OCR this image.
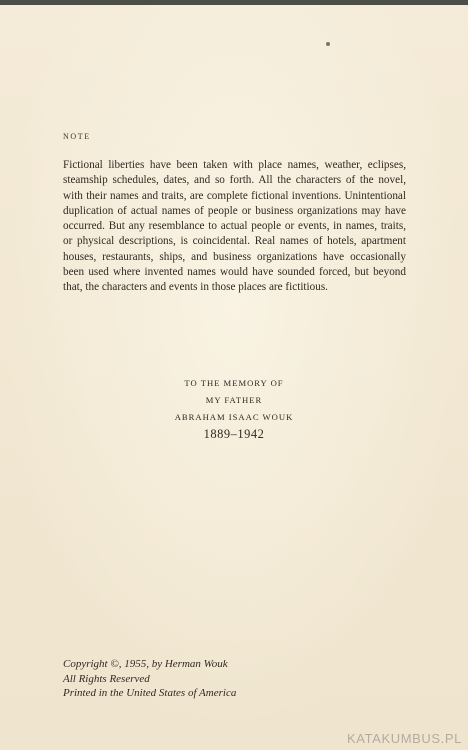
NOTE

Fictional liberties have been taken with place names, weather, eclipses, steamship schedules, dates, and so forth. All the characters of the novel, with their names and traits, are complete fictional inventions. Unintentional duplication of actual names of people or business organizations may have occurred. But any resemblance to actual people or events, in names, traits, or physical descriptions, is coincidental. Real names of hotels, apartment houses, restaurants, ships, and business organizations have occasionally been used where invented names would have sounded forced, but beyond that, the characters and events in those places are fictitious.

TO THE MEMORY OF
MY FATHER
ABRAHAM ISAAC WOUK
1889–1942
Copyright ©, 1955, by Herman Wouk
All Rights Reserved
Printed in the United States of America
KATAKUMBUS.PL
